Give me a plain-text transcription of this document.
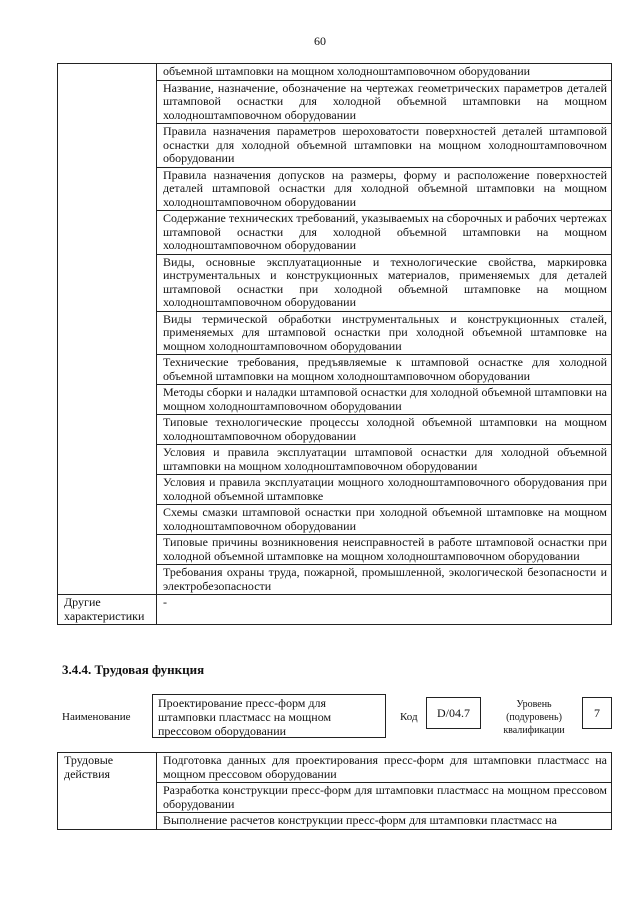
60
	объемной штамповки на мощном холодноштамповочном оборудовании
	Название, назначение, обозначение на чертежах геометрических параметров деталей штамповой оснастки для холодной объемной штамповки на мощном холодноштамповочном оборудовании
	Правила назначения параметров шероховатости поверхностей деталей штамповой оснастки для холодной объемной штамповки на мощном холодноштамповочном оборудовании
	Правила назначения допусков на размеры, форму и расположение поверхностей деталей штамповой оснастки для холодной объемной штамповки на мощном холодноштамповочном оборудовании
	Содержание технических требований, указываемых на сборочных и рабочих чертежах штамповой оснастки для холодной объемной штамповки на мощном холодноштамповочном оборудовании
	Виды, основные эксплуатационные и технологические свойства, маркировка инструментальных и конструкционных материалов, применяемых для деталей штамповой оснастки при холодной объемной штамповке на мощном холодноштамповочном оборудовании
	Виды термической обработки инструментальных и конструкционных сталей, применяемых для штамповой оснастки при холодной объемной штамповке на мощном холодноштамповочном оборудовании
	Технические требования, предъявляемые к штамповой оснастке для холодной объемной штамповки на мощном холодноштамповочном оборудовании
	Методы сборки и наладки штамповой оснастки для холодной объемной штамповки на мощном холодноштамповочном оборудовании
	Типовые технологические процессы холодной объемной штамповки на мощном холодноштамповочном оборудовании
	Условия и правила эксплуатации штамповой оснастки для холодной объемной штамповки на мощном холодноштамповочном оборудовании
	Условия и правила эксплуатации мощного холодноштамповочного оборудования при холодной объемной штамповке
	Схемы смазки штамповой оснастки при холодной объемной штамповке на мощном холодноштамповочном оборудовании
	Типовые причины возникновения неисправностей в работе штамповой оснастки при холодной объемной штамповке на мощном холодноштамповочном оборудовании
	Требования охраны труда, пожарной, промышленной, экологической безопасности и электробезопасности
Другие характеристики	-
3.4.4. Трудовая функция
Наименование
Проектирование пресс-форм для штамповки пластмасс на мощном прессовом оборудовании
Код	D/04.7
Уровень (подуровень) квалификации
7
Трудовые действия	Подготовка данных для проектирования пресс-форм для штамповки пластмасс на мощном прессовом оборудовании
Разработка конструкции пресс-форм для штамповки пластмасс на мощном прессовом оборудовании
Выполнение расчетов конструкции пресс-форм для штамповки пластмасс на
